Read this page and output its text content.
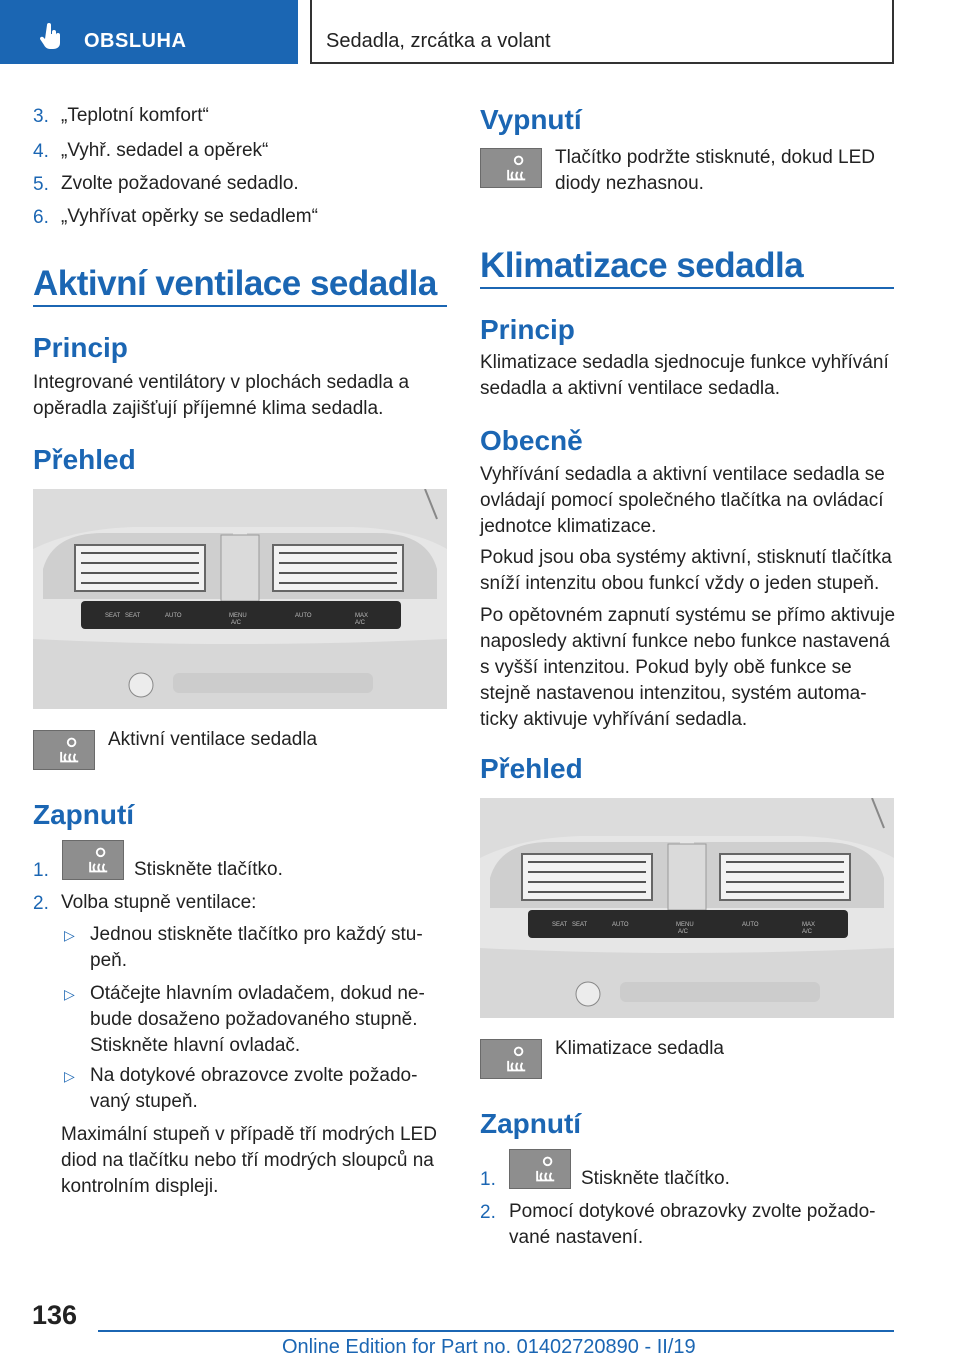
OBSLUHA	Sedadla, zrcátka a volant
3. „Teplotní komfort“
4. „Vyhř. sedadel a opěrek“
5. Zvolte požadované sedadlo.
6. „Vyhřívat opěrky se sedadlem“
Aktivní ventilace sedadla
Princip
Integrované ventilátory v plochách sedadla a
opěradla zajišťují příjemné klima sedadla.
Přehled
SEAT SEAT	AUTO	MENU
A/C
AUTO	MAX
A/C
Aktivní ventilace sedadla
Zapnutí
1.	Stiskněte tlačítko.
2. Volba stupně ventilace:
▷ Jednou stiskněte tlačítko pro každý stu-
peň.
▷ Otáčejte hlavním ovladačem, dokud ne-
bude dosaženo požadovaného stupně.
Stiskněte hlavní ovladač.
▷ Na dotykové obrazovce zvolte požado-
vaný stupeň.
Maximální stupeň v případě tří modrých LED
diod na tlačítku nebo tří modrých sloupců na
kontrolním displeji.
Vypnutí
Tlačítko podržte stisknuté, dokud LED
diody nezhasnou.
Klimatizace sedadla
Princip
Klimatizace sedadla sjednocuje funkce vyhřívání
sedadla a aktivní ventilace sedadla.
Obecně
Vyhřívání sedadla a aktivní ventilace sedadla se
ovládají pomocí společného tlačítka na ovládací
jednotce klimatizace.
Pokud jsou oba systémy aktivní, stisknutí tlačítka
sníží intenzitu obou funkcí vždy o jeden stupeň.
Po opětovném zapnutí systému se přímo aktivuje
naposledy aktivní funkce nebo funkce nastavená
s vyšší intenzitou. Pokud byly obě funkce se
stejně nastavenou intenzitou, systém automa-
ticky aktivuje vyhřívání sedadla.
Přehled
SEAT SEAT	AUTO	MENU
A/C
AUTO	MAX
A/C
Klimatizace sedadla
Zapnutí
1.	Stiskněte tlačítko.
2. Pomocí dotykové obrazovky zvolte požado-
vané nastavení.
136
Online Edition for Part no. 01402720890 - II/19
